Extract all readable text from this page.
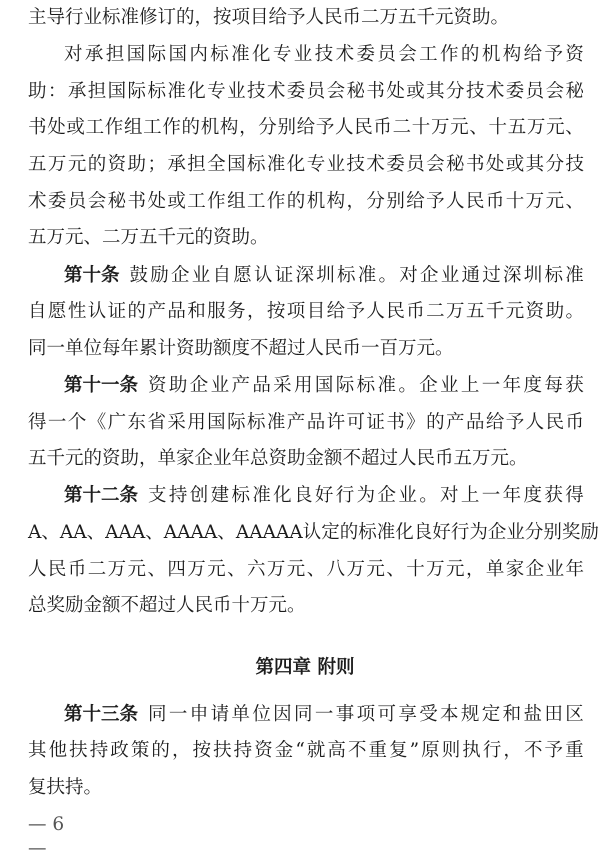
主导行业标准修订的，按项目给予人民币二万五千元资助。
对 承 担 国 际 国 内 标 准 化 专 业 技 术 委 员 会 工 作 的 机 构 给 予 资
助 ： 承 担 国 际 标 准 化 专 业 技 术 委 员 会 秘 书 处 或 其 分 技 术 委 员 会 秘
书 处 或 工 作 组 工 作 的 机 构 ， 分 别 给 予 人 民 币 二 十 万 元 、 十 五 万 元 、
五 万 元 的 资 助 ； 承 担 全 国 标 准 化 专 业 技 术 委 员 会 秘 书 处 或 其 分 技
术 委 员 会 秘 书 处 或 工 作 组 工 作 的 机 构 ， 分 别 给 予 人 民 币 十 万 元 、
五万元、二万五千元的资助。
第十条 鼓 励 企 业 自 愿 认 证 深 圳 标 准 。 对 企 业 通 过 深 圳 标 准
自 愿 性 认 证 的 产 品 和 服 务 ， 按 项 目 给 予 人 民 币 二 万 五 千 元 资 助 。
同一单位每年累计资助额度不超过人民币一百万元。
第十一条 资 助 企 业 产 品 采 用 国 际 标 准 。 企 业 上 一 年 度 每 获
得 一 个 《 广 东 省 采 用 国 际 标 准 产 品 许 可 证 书 》 的 产 品 给 予 人 民 币
五千元的资助，单家企业年总资助金额不超过人民币五万元。
第十二条 支 持 创 建 标 准 化 良 好 行 为 企 业 。 对 上 一 年 度 获 得
A 、 A A 、 A A A 、 A A A A 、 A A A A A 认 定 的 标 准 化 良 好 行 为 企 业 分 别 奖 励
人 民 币 二 万 元 、 四 万 元 、 六 万 元 、 八 万 元 、 十 万 元 ， 单 家 企 业 年
总奖励金额不超过人民币十万元。
第四章 附则
第十三条 同 一 申 请 单 位 因 同 一 事 项 可 享 受 本 规 定 和 盐 田 区
其 他 扶 持 政 策 的 ， 按 扶 持 资 金 “ 就 高 不 重 复 ” 原 则 执 行 ， 不 予 重
复扶持。
— 6 —
